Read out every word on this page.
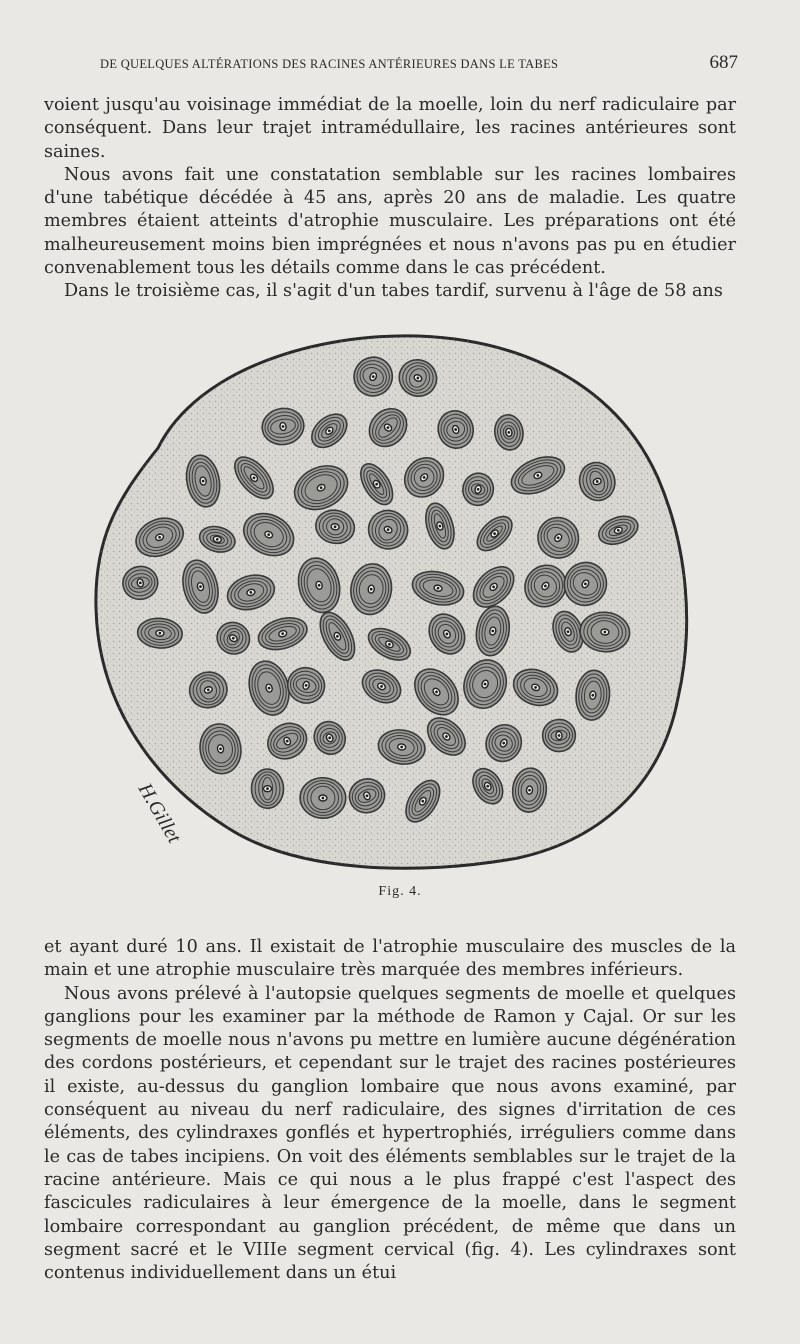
DE QUELQUES ALTÉRATIONS DES RACINES ANTÉRIEURES DANS LE TABES	687

voient jusqu'au voisinage immédiat de la moelle, loin du nerf radiculaire par conséquent. Dans leur trajet intramédullaire, les racines antérieures sont saines.

Nous avons fait une constatation semblable sur les racines lombaires d'une tabétique décédée à 45 ans, après 20 ans de maladie. Les quatre membres étaient atteints d'atrophie musculaire. Les préparations ont été malheureusement moins bien imprégnées et nous n'avons pas pu en étudier convenablement tous les détails comme dans le cas précédent.

Dans le troisième cas, il s'agit d'un tabes tardif, survenu à l'âge de 58 ans

H.Gillet
Fig. 4.

et ayant duré 10 ans. Il existait de l'atrophie musculaire des muscles de la main et une atrophie musculaire très marquée des membres inférieurs.

Nous avons prélevé à l'autopsie quelques segments de moelle et quelques ganglions pour les examiner par la méthode de Ramon y Cajal. Or sur les segments de moelle nous n'avons pu mettre en lumière aucune dégénération des cordons postérieurs, et cependant sur le trajet des racines postérieures il existe, au-dessus du ganglion lombaire que nous avons examiné, par conséquent au niveau du nerf radiculaire, des signes d'irritation de ces éléments, des cylindraxes gonflés et hypertrophiés, irréguliers comme dans le cas de tabes incipiens. On voit des éléments semblables sur le trajet de la racine antérieure. Mais ce qui nous a le plus frappé c'est l'aspect des fascicules radiculaires à leur émergence de la moelle, dans le segment lombaire correspondant au ganglion précédent, de même que dans un segment sacré et le VIIIe segment cervical (fig. 4). Les cylindraxes sont contenus individuellement dans un étui
